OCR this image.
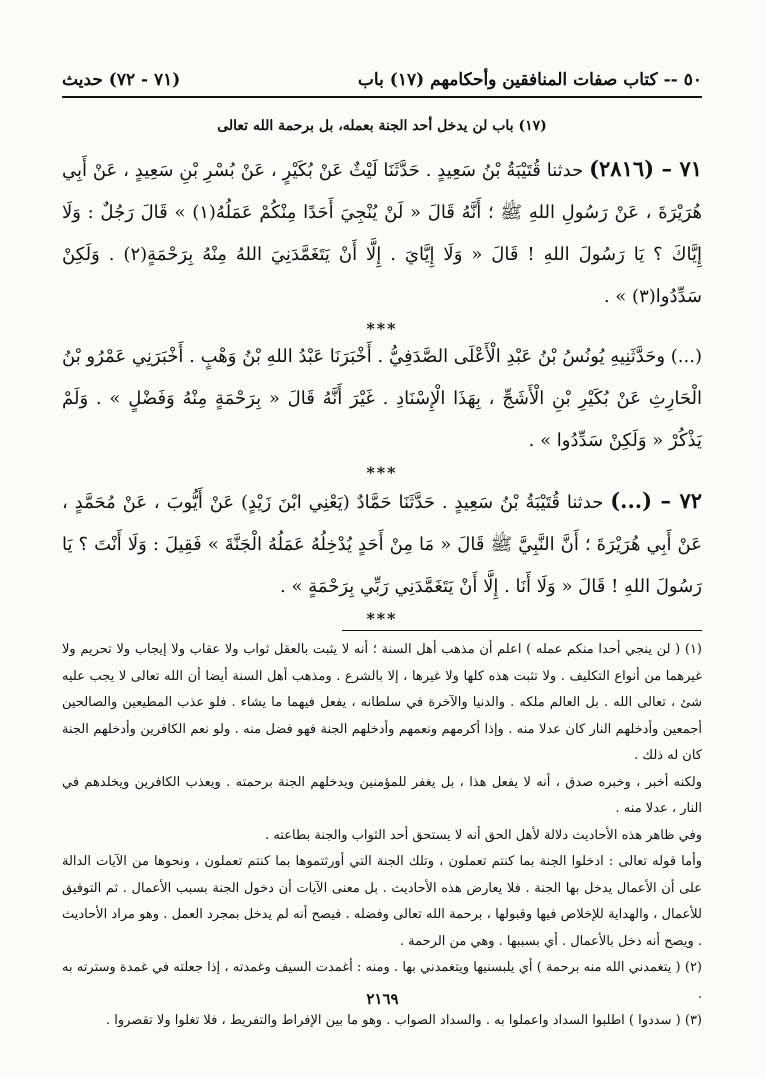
٥٠
--
كتاب صفات المنافقين وأحكامهم
(١٧) باب
(٧١ - ٧٢) حديث
(١٧) باب لن يدخل أحد الجنة بعمله، بل برحمة الله تعالى

٧١ – (٢٨١٦) حدثنا قُتَيْبَةُ بْنُ سَعِيدٍ . حَدَّثَنَا لَيْثٌ عَنْ بُكَيْرٍ ، عَنْ بُسْرِ بْنِ سَعِيدٍ ، عَنْ أَبِي هُرَيْرَةَ ، عَنْ رَسُولِ اللهِ ﷺ ؛ أَنَّهُ قَالَ « لَنْ يُنْجِيَ أَحَدًا مِنْكُمْ عَمَلُهُ(١) » قَالَ رَجُلٌ : وَلَا إِيَّاكَ ؟ يَا رَسُولَ اللهِ ! قَالَ « وَلَا إِيَّايَ . إِلَّا أَنْ يَتَغَمَّدَنِيَ اللهُ مِنْهُ بِرَحْمَةٍ(٢) . وَلَكِنْ سَدِّدُوا(٣) » .

***

(...) وحَدَّثَنِيهِ يُونُسُ بْنُ عَبْدِ الْأَعْلَى الصَّدَفِيُّ . أَخْبَرَنَا عَبْدُ اللهِ بْنُ وَهْبٍ . أَخْبَرَنِي عَمْرُو بْنُ الْحَارِثِ عَنْ بُكَيْرِ بْنِ الْأَشَجِّ ، بِهَذَا الْإِسْنَادِ . غَيْرَ أَنَّهُ قَالَ « بِرَحْمَةٍ مِنْهُ وَفَضْلٍ » . وَلَمْ يَذْكُرْ « وَلَكِنْ سَدِّدُوا » .

***

٧٢ – (...) حدثنا قُتَيْبَةُ بْنُ سَعِيدٍ . حَدَّثَنَا حَمَّادٌ (يَعْنِي ابْنَ زَيْدٍ) عَنْ أَيُّوبَ ، عَنْ مُحَمَّدٍ ، عَنْ أَبِي هُرَيْرَةَ ؛ أَنَّ النَّبِيَّ ﷺ قَالَ « مَا مِنْ أَحَدٍ يُدْخِلُهُ عَمَلُهُ الْجَنَّةَ » فَقِيلَ : وَلَا أَنْتَ ؟ يَا رَسُولَ اللهِ ! قَالَ « وَلَا أَنَا . إِلَّا أَنْ يَتَغَمَّدَنِي رَبِّي بِرَحْمَةٍ » .

***

(١) ( لن ينجي أحدا منكم عمله ) اعلم أن مذهب أهل السنة ؛ أنه لا يثبت بالعقل ثواب ولا عقاب ولا إيجاب ولا تحريم ولا غيرهما من أنواع التكليف . ولا تثبت هذه كلها ولا غيرها ، إلا بالشرع . ومذهب أهل السنة أيضا أن الله تعالى لا يجب عليه شئ ، تعالى الله . بل العالم ملكه . والدنيا والآخرة في سلطانه ، يفعل فيهما ما يشاء . فلو عذب المطيعين والصالحين أجمعين وأدخلهم النار كان عدلا منه . وإذا أكرمهم ونعمهم وأدخلهم الجنة فهو فضل منه . ولو نعم الكافرين وأدخلهم الجنة كان له ذلك .

ولكنه أخبر ، وخبره صدق ، أنه لا يفعل هذا ، بل يغفر للمؤمنين ويدخلهم الجنة برحمته . ويعذب الكافرين ويخلدهم في النار ، عدلا منه .

وفي ظاهر هذه الأحاديث دلالة لأهل الحق أنه لا يستحق أحد الثواب والجنة بطاعته .

وأما قوله تعالى : ادخلوا الجنة بما كنتم تعملون ، وتلك الجنة التي أورثتموها بما كنتم تعملون ، ونحوها من الآيات الدالة على أن الأعمال يدخل بها الجنة . فلا يعارض هذه الأحاديث . بل معنى الآيات أن دخول الجنة بسبب الأعمال . ثم التوفيق للأعمال ، والهداية للإخلاص فيها وقبولها ، برحمة الله تعالى وفضله . فيصح أنه لم يدخل بمجرد العمل . وهو مراد الأحاديث . ويصح أنه دخل بالأعمال . أي بسببها . وهي من الرحمة .

(٢) ( يتغمدني الله منه برحمة ) أي يلبسنيها ويتغمدني بها . ومنه : أغمدت السيف وغمدته ، إذا جعلته في غمدة وسترته به .

(٣) ( سددوا ) اطلبوا السداد واعملوا به . والسداد الصواب . وهو ما بين الإفراط والتفريط ، فلا تغلوا ولا تقصروا .

٢١٦٩
